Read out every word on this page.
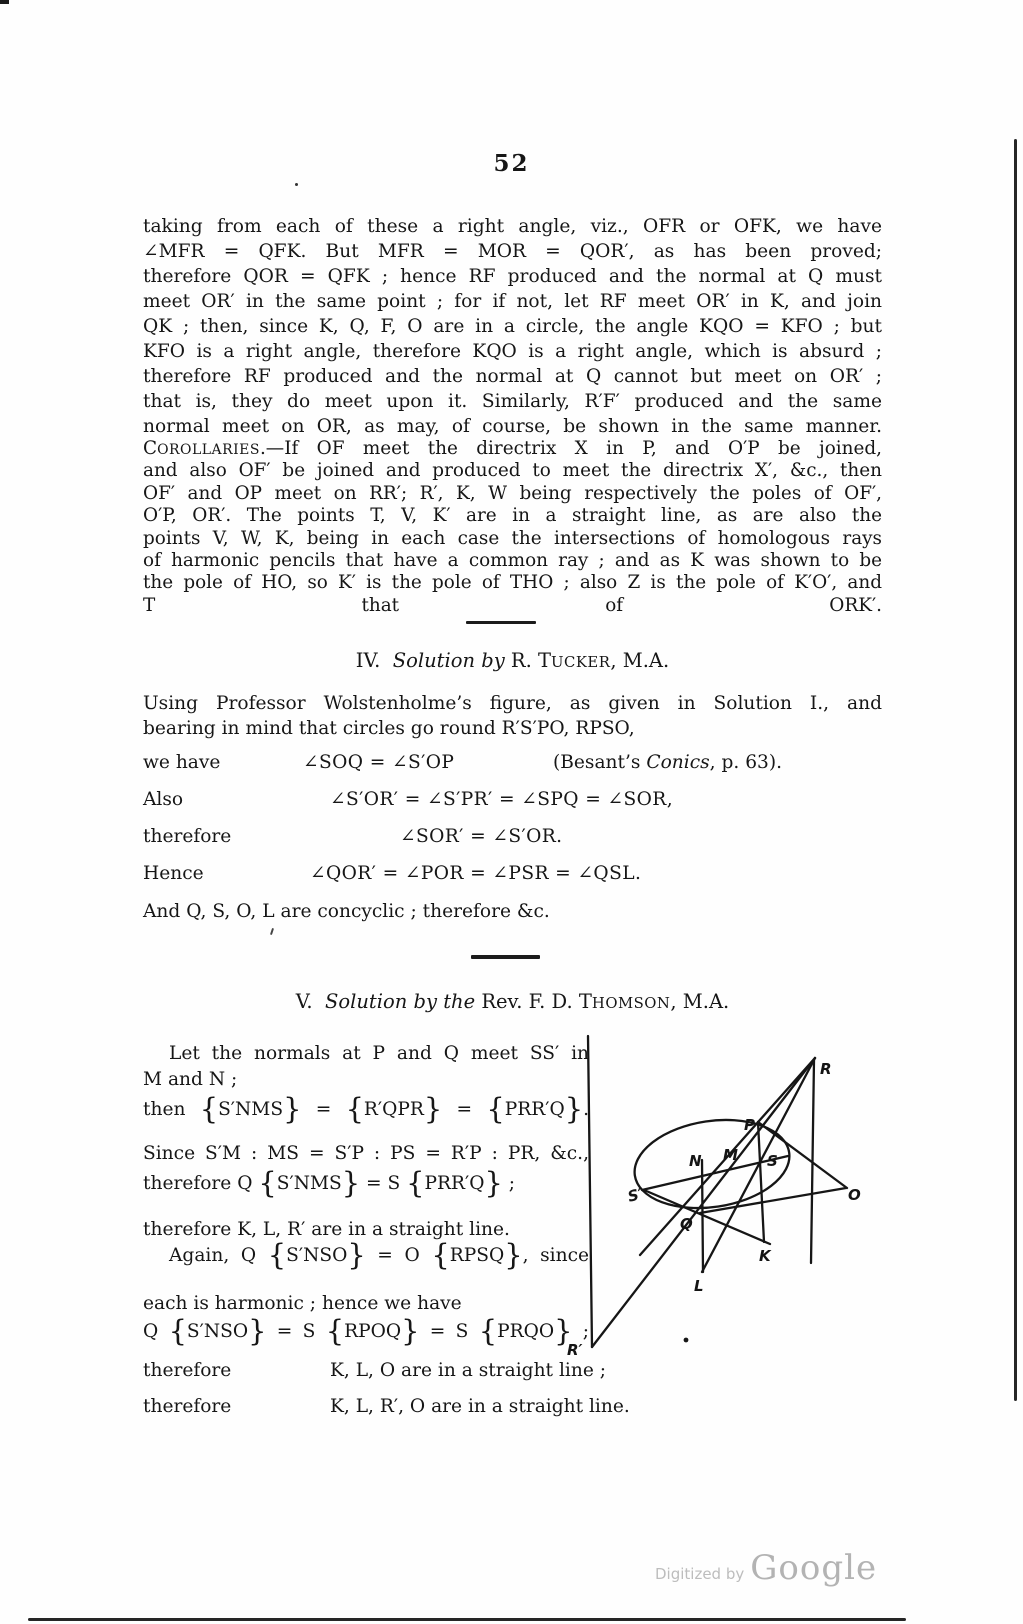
52
taking from each of these a right angle, viz., OFR or OFK, we have
∠MFR = QFK. But MFR = MOR = QOR′, as has been proved;
therefore QOR = QFK ; hence RF produced and the normal at Q must
meet OR′ in the same point ; for if not, let RF meet OR′ in K, and join
QK ; then, since K, Q, F, O are in a circle, the angle KQO = KFO ; but
KFO is a right angle, therefore KQO is a right angle, which is absurd ;
therefore RF produced and the normal at Q cannot but meet on OR′ ;
that is, they do meet upon it. Similarly, R′F′ produced and the same
normal meet on OR, as may, of course, be shown in the same manner.
COROLLARIES.—If OF meet the directrix X in P, and O′P be joined,
and also OF′ be joined and produced to meet the directrix X′, &c., then
OF′ and OP meet on RR′; R′, K, W being respectively the poles of OF′,
O′P, OR′. The points T, V, K′ are in a straight line, as are also the
points V, W, K, being in each case the intersections of homologous rays
of harmonic pencils that have a common ray ; and as K was shown to be
the pole of HO, so K′ is the pole of THO ; also Z is the pole of K′O′, and
T that of ORK′.
IV. Solution by R. TUCKER, M.A.
Using Professor Wolstenholme’s figure, as given in Solution I., and
bearing in mind that circles go round R′S′PO, RPSO,
we have	∠SOQ = ∠S′OP	(Besant’s Conics, p. 63).
Also	∠S′OR′ = ∠S′PR′ = ∠SPQ = ∠SOR,
therefore	∠SOR′ = ∠S′OR.
Hence	∠QOR′ = ∠POR = ∠PSR = ∠QSL.
And Q, S, O, L are concyclic ; therefore &c.
V. Solution by the Rev. F. D. THOMSON, M.A.
Let the normals at P and Q meet SS′ in
M and N ;
then {S′NMS} = {R′QPR} = {PRR′Q}.
Since S′M : MS = S′P : PS = R′P : PR, &c.,
therefore Q {S′NMS} = S {PRR′Q} ;
therefore K, L, R′ are in a straight line.
Again, Q {S′NSO} = O {RPSQ}, since
each is harmonic ; hence we have
Q {S′NSO} = S {RPOQ} = S {PRQO} ;
therefore	K, L, O are in a straight line ;
therefore	K, L, R′, O are in a straight line.
R
P
N M S
S′
Q
K
L
O
R′
Digitized by Google
